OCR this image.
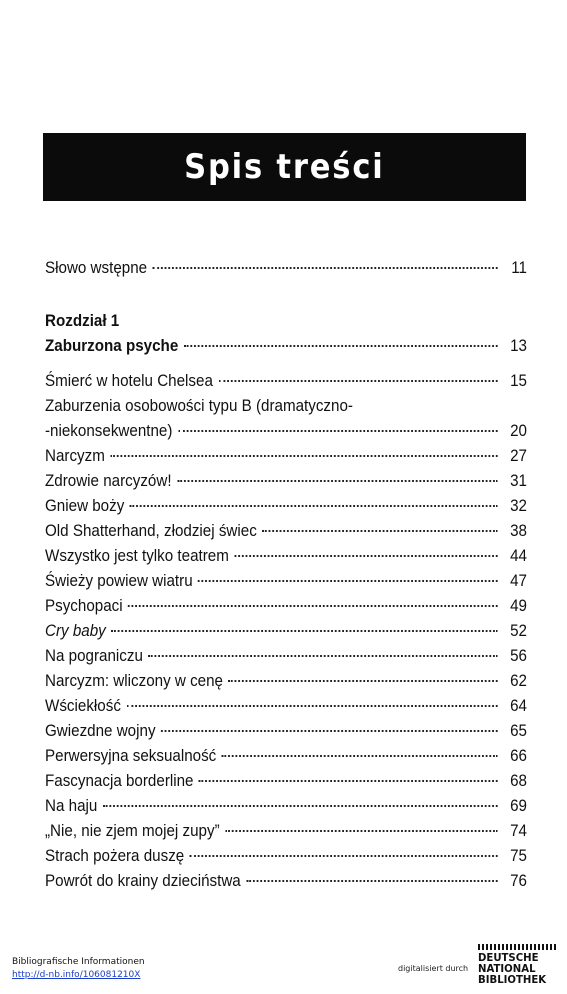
Spis treści
Słowo wstępne	11
Rozdział 1
Zaburzona psyche	13
Śmierć w hotelu Chelsea	15
Zaburzenia osobowości typu B (dramatyczno-
-niekonsekwentne)	20
Narcyzm	27
Zdrowie narcyzów!	31
Gniew boży	32
Old Shatterhand, złodziej świec	38
Wszystko jest tylko teatrem	44
Świeży powiew wiatru	47
Psychopaci	49
Cry baby	52
Na pograniczu	56
Narcyzm: wliczony w cenę	62
Wściekłość	64
Gwiezdne wojny	65
Perwersyjna seksualność	66
Fascynacja borderline	68
Na haju	69
„Nie, nie zjem mojej zupy”	74
Strach pożera duszę	75
Powrót do krainy dzieciństwa	76
Bibliografische Informationen
http://d-nb.info/106081210X
digitalisiert durch
DEUTSCHE
NATIONAL
BIBLIOTHEK
